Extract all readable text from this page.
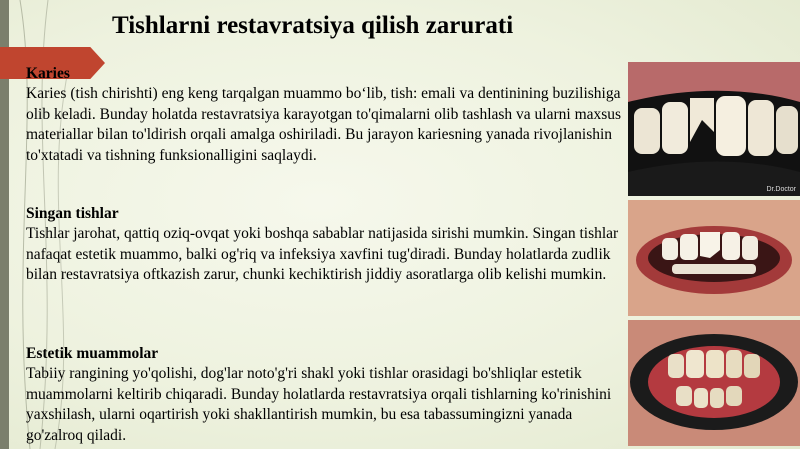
Tishlarni restavratsiya qilish zarurati
Karies
Karies (tish chirishti) eng keng tarqalgan muammo bo‘lib, tish: emali va dentinining buzilishiga olib keladi. Bunday holatda restavratsiya karayotgan to'qimalarni olib tashlash va ularni maxsus materiallar bilan to'ldirish orqali amalga oshiriladi. Bu jarayon kariesning yanada rivojlanishin to'xtatadi va tishning funksionalligini saqlaydi.
Singan tishlar
Tishlar jarohat, qattiq oziq-ovqat yoki boshqa sabablar natijasida sirishi mumkin. Singan tishlar nafaqat estetik muammo, balki og'riq va infeksiya xavfini tug'diradi. Bunday holatlarda zudlik bilan restavratsiya oftkazish zarur, chunki kechiktirish jiddiy asoratlarga olib kelishi mumkin.
Estetik muammolar
Tabiiy rangining yo'qolishi, dog'lar noto'g'ri shakl yoki tishlar orasidagi bo'shliqlar estetik muammolarni keltirib chiqaradi. Bunday holatlarda restavratsiya orqali tishlarning ko'rinishini yaxshilash, ularni oqartirish yoki shakllantirish mumkin, bu esa tabassumingizni yanada go'zalroq qiladi.
Dr.Doctor
